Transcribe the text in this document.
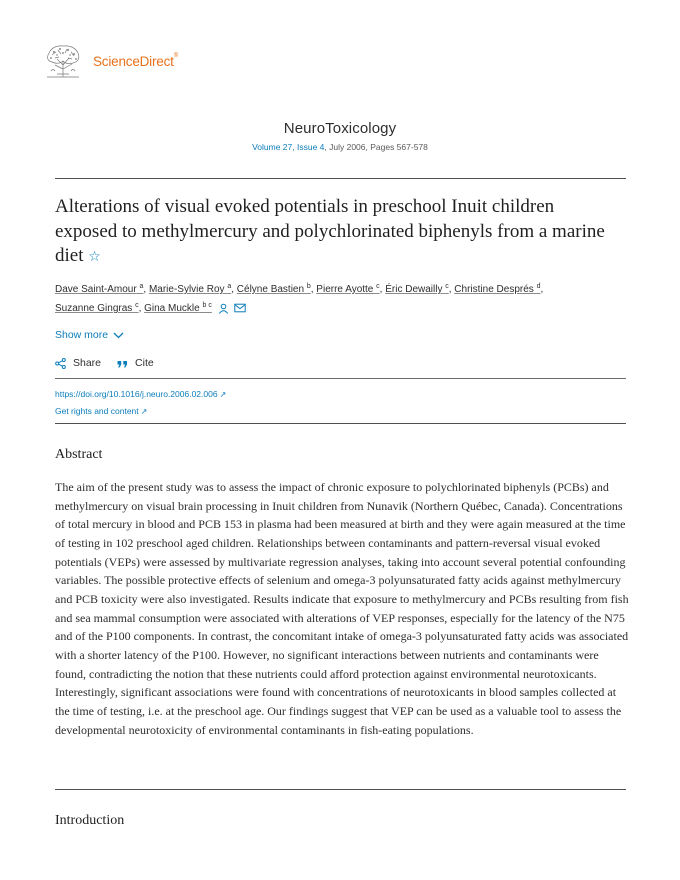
ScienceDirect®
NeuroToxicology
Volume 27, Issue 4, July 2006, Pages 567-578
Alterations of visual evoked potentials in preschool Inuit children exposed to methylmercury and polychlorinated biphenyls from a marine diet ☆
Dave Saint-Amour $^a$, Marie-Sylvie Roy $^a$, Célyne Bastien $^b$, Pierre Ayotte $^c$, Éric Dewailly $^c$, Christine Després $^d$,
Suzanne Gingras $^c$, Gina Muckle $^{b c}$
Show more
Share	Cite
https://doi.org/10.1016/j.neuro.2006.02.006 ↗
Get rights and content ↗
Abstract

The aim of the present study was to assess the impact of chronic exposure to polychlorinated biphenyls (PCBs) and methylmercury on visual brain processing in Inuit children from Nunavik (Northern Québec, Canada). Concentrations of total mercury in blood and PCB 153 in plasma had been measured at birth and they were again measured at the time of testing in 102 preschool aged children. Relationships between contaminants and pattern-reversal visual evoked potentials (VEPs) were assessed by multivariate regression analyses, taking into account several potential confounding variables. The possible protective effects of selenium and omega-3 polyunsaturated fatty acids against methylmercury and PCB toxicity were also investigated. Results indicate that exposure to methylmercury and PCBs resulting from fish and sea mammal consumption were associated with alterations of VEP responses, especially for the latency of the N75 and of the P100 components. In contrast, the concomitant intake of omega-3 polyunsaturated fatty acids was associated with a shorter latency of the P100. However, no significant interactions between nutrients and contaminants were found, contradicting the notion that these nutrients could afford protection against environmental neurotoxicants. Interestingly, significant associations were found with concentrations of neurotoxicants in blood samples collected at the time of testing, i.e. at the preschool age. Our findings suggest that VEP can be used as a valuable tool to assess the developmental neurotoxicity of environmental contaminants in fish-eating populations.

Introduction
